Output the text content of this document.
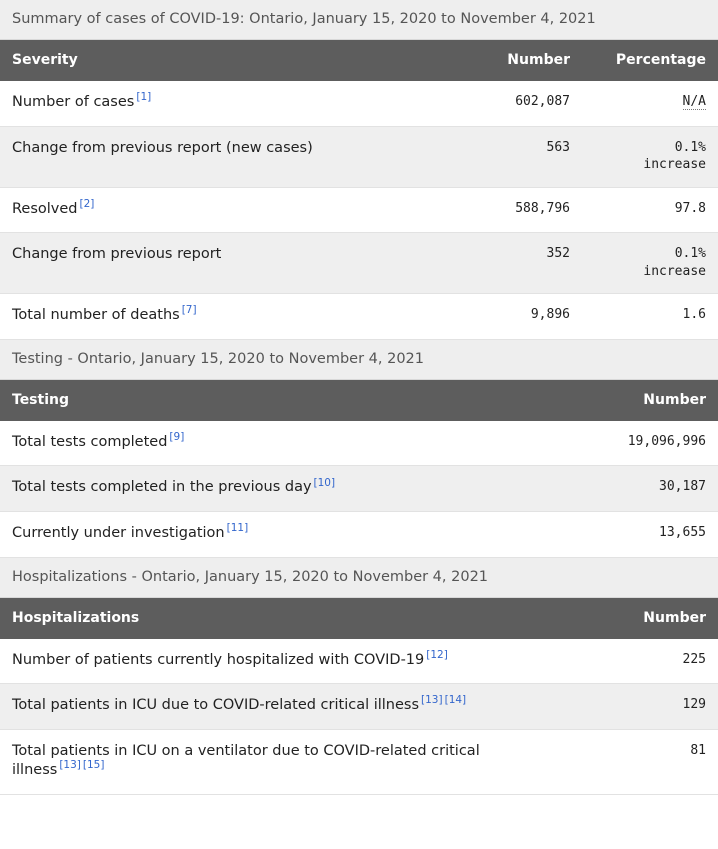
Summary of cases of COVID-19: Ontario, January 15, 2020 to November 4, 2021		
Severity	Number	Percentage
Number of cases [1]	602,087	N/A
Change from previous report (new cases)	563	0.1%
increase

Resolved [2]	588,796	97.8
Change from previous report	352	0.1%
increase

Total number of deaths [7]	9,896	1.6
Testing - Ontario, January 15, 2020 to November 4, 2021	
Testing	Number
Total tests completed [9]	19,096,996
Total tests completed in the previous day [10]	30,187
Currently under investigation [11]	13,655
Hospitalizations - Ontario, January 15, 2020 to November 4, 2021	
Hospitalizations	Number
Number of patients currently hospitalized with COVID-19 [12]	225
Total patients in ICU due to COVID-related critical illness [13] [14]	129
Total patients in ICU on a ventilator due to COVID-related critical illness [13] [15]	81
